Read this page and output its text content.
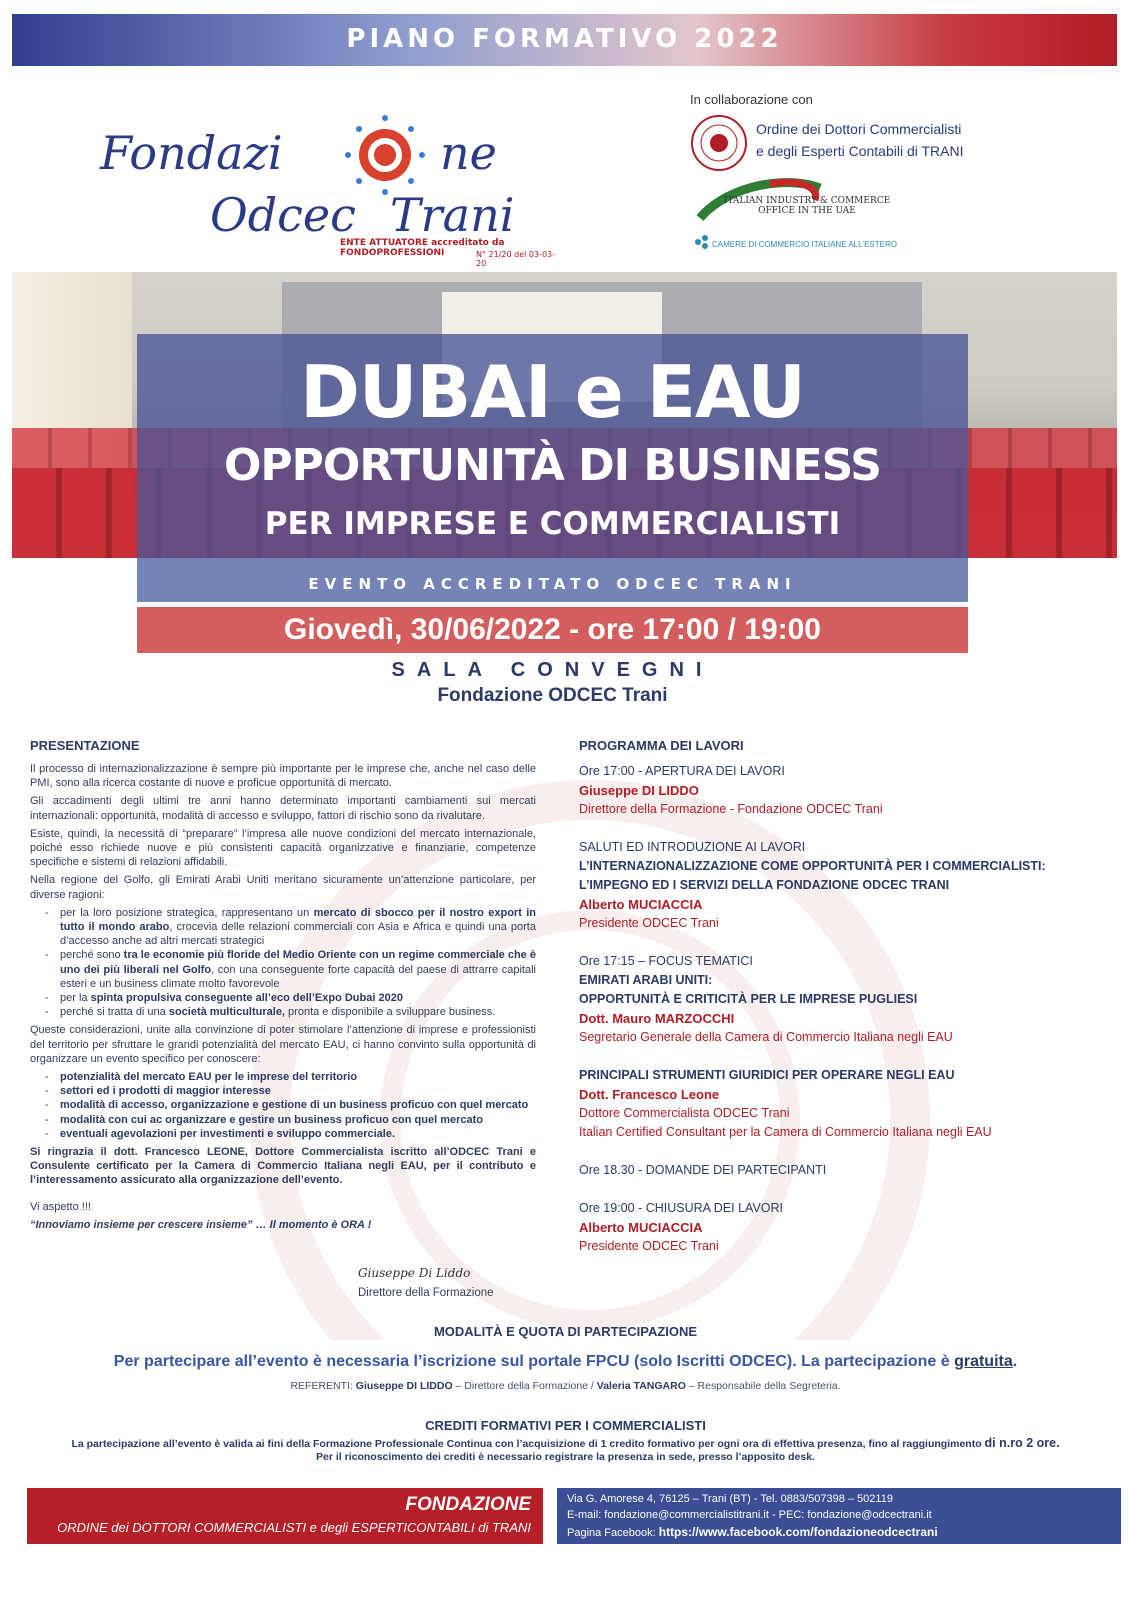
PIANO FORMATIVO 2022
Fondazi	ne
Odcec Trani
ENTE ATTUATORE accreditato da FONDOPROFESSIONI	N° 21/20 del 03-03-20
In collaborazione con
Ordine dei Dottori Commercialisti
e degli Esperti Contabili di TRANI
ITALIAN INDUSTRY & COMMERCE
OFFICE IN THE UAE
CAMERE DI COMMERCIO ITALIANE ALL'ESTERO
DUBAI e EAU
OPPORTUNITÀ DI BUSINESS
PER IMPRESE E COMMERCIALISTI
EVENTO ACCREDITATO ODCEC TRANI
Giovedì, 30/06/2022 - ore 17:00 / 19:00
SALA CONVEGNI
Fondazione ODCEC Trani
PRESENTAZIONE

Il processo di internazionalizzazione è sempre più importante per le imprese che, anche nel caso delle PMI, sono alla ricerca costante di nuove e proficue opportunità di mercato.

Gli accadimenti degli ultimi tre anni hanno determinato importanti cambiamenti sui mercati internazionali: opportunità, modalità di accesso e sviluppo, fattori di rischio sono da rivalutare.

Esiste, quindi, la necessità di “preparare” l’impresa alle nuove condizioni del mercato internazionale, poiché esso richiede nuove e più consistenti capacità organizzative e finanziarie, competenze specifiche e sistemi di relazioni affidabili.

Nella regione del Golfo, gli Emirati Arabi Uniti meritano sicuramente un’attenzione particolare, per diverse ragioni:

- per la loro posizione strategica, rappresentano un mercato di sbocco per il nostro export in tutto il mondo arabo, crocevia delle relazioni commerciali con Asia e Africa e quindi una porta d’accesso anche ad altri mercati strategici
- perché sono tra le economie più floride del Medio Oriente con un regime commerciale che è uno dei più liberali nel Golfo, con una conseguente forte capacità del paese di attrarre capitali esteri e un business climate molto favorevole
- per la spinta propulsiva conseguente all’eco dell’Expo Dubai 2020
- perché si tratta di una società multiculturale, pronta e disponibile a sviluppare business.

Queste considerazioni, unite alla convinzione di poter stimolare l’attenzione di imprese e professionisti del territorio per sfruttare le grandi potenzialità del mercato EAU, ci hanno convinto sulla opportunità di organizzare un evento specifico per conoscere:

- potenzialità del mercato EAU per le imprese del territorio
- settori ed i prodotti di maggior interesse
- modalità di accesso, organizzazione e gestione di un business proficuo con quel mercato
- modalità con cui ac organizzare e gestire un business proficuo con quel mercato
- eventuali agevolazioni per investimenti e sviluppo commerciale.

Si ringrazia il dott. Francesco LEONE, Dottore Commercialista iscritto all’ODCEC Trani e Consulente certificato per la Camera di Commercio Italiana negli EAU, per il contributo e l’interessamento assicurato alla organizzazione dell’evento.

Vi aspetto !!!

“Innoviamo insieme per crescere insieme” … Il momento è ORA !

Giuseppe Di Liddo
Direttore della Formazione
PROGRAMMA DEI LAVORI
Ore 17:00 - APERTURA DEI LAVORI
Giuseppe DI LIDDO
Direttore della Formazione - Fondazione ODCEC Trani
SALUTI ED INTRODUZIONE AI LAVORI
L’INTERNAZIONALIZZAZIONE COME OPPORTUNITÀ PER I COMMERCIALISTI:
L’IMPEGNO ED I SERVIZI DELLA FONDAZIONE ODCEC TRANI
Alberto MUCIACCIA
Presidente ODCEC Trani
Ore 17:15 – FOCUS TEMATICI
EMIRATI ARABI UNITI:
OPPORTUNITÀ E CRITICITÀ PER LE IMPRESE PUGLIESI
Dott. Mauro MARZOCCHI
Segretario Generale della Camera di Commercio Italiana negli EAU
PRINCIPALI STRUMENTI GIURIDICI PER OPERARE NEGLI EAU
Dott. Francesco Leone
Dottore Commercialista ODCEC Trani
Italian Certified Consultant per la Camera di Commercio Italiana negli EAU
Ore 18.30 - DOMANDE DEI PARTECIPANTI
Ore 19:00 - CHIUSURA DEI LAVORI
Alberto MUCIACCIA
Presidente ODCEC Trani
MODALITÀ E QUOTA DI PARTECIPAZIONE
Per partecipare all’evento è necessaria l’iscrizione sul portale FPCU (solo Iscritti ODCEC). La partecipazione è gratuita.
REFERENTI: Giuseppe DI LIDDO – Direttore della Formazione / Valeria TANGARO – Responsabile della Segreteria.
CREDITI FORMATIVI PER I COMMERCIALISTI
La partecipazione all’evento è valida ai fini della Formazione Professionale Continua con l’acquisizione di 1 credito formativo per ogni ora di effettiva presenza, fino al raggiungimento di n.ro 2 ore.
Per il riconoscimento dei crediti è necessario registrare la presenza in sede, presso l’apposito desk.
FONDAZIONE
ORDINE dei DOTTORI COMMERCIALISTI e degli ESPERTICONTABILI di TRANI
Via G. Amorese 4, 76125 – Trani (BT) - Tel. 0883/507398 – 502119
E-mail: fondazione@commercialistitrani.it - PEC: fondazione@odcectrani.it
Pagina Facebook: https://www.facebook.com/fondazioneodcectrani
